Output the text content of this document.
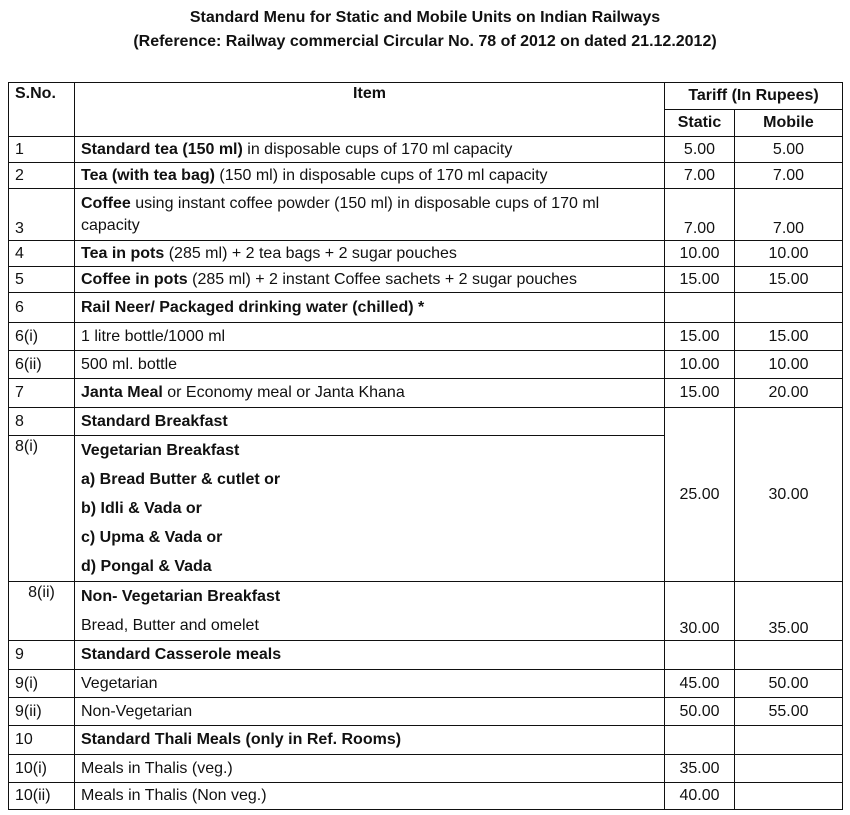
Standard Menu for Static and Mobile Units on Indian Railways
(Reference: Railway commercial Circular No. 78 of 2012 on dated 21.12.2012)
S.No.	Item	Tariff (In Rupees)	
		Static	Mobile
1	Standard tea (150 ml) in disposable cups of 170 ml capacity	5.00	5.00
2	Tea (with tea bag) (150 ml) in disposable cups of 170 ml capacity	7.00	7.00
3	Coffee using instant coffee powder (150 ml) in disposable cups of 170 ml capacity	7.00	7.00
4	Tea in pots (285 ml) + 2 tea bags + 2 sugar pouches	10.00	10.00
5	Coffee in pots (285 ml) + 2 instant Coffee sachets + 2 sugar pouches	15.00	15.00
6	Rail Neer/ Packaged drinking water (chilled) *		
6(i)	1 litre bottle/1000 ml	15.00	15.00
6(ii)	500 ml. bottle	10.00	10.00
7	Janta Meal or Economy meal or Janta Khana	15.00	20.00
8	Standard Breakfast	25.00	30.00
8(i)	Vegetarian Breakfast
a) Bread Butter & cutlet or
b) Idli & Vada or
c) Upma & Vada or
d) Pongal & Vada		

8(ii)	Non- Vegetarian Breakfast
Bread, Butter and omelet	30.00	35.00
9	Standard Casserole meals		
9(i)	Vegetarian	45.00	50.00
9(ii)	Non-Vegetarian	50.00	55.00
10	Standard Thali Meals (only in Ref. Rooms)		
10(i)	Meals in Thalis (veg.)	35.00	
10(ii)	Meals in Thalis (Non veg.)	40.00	
